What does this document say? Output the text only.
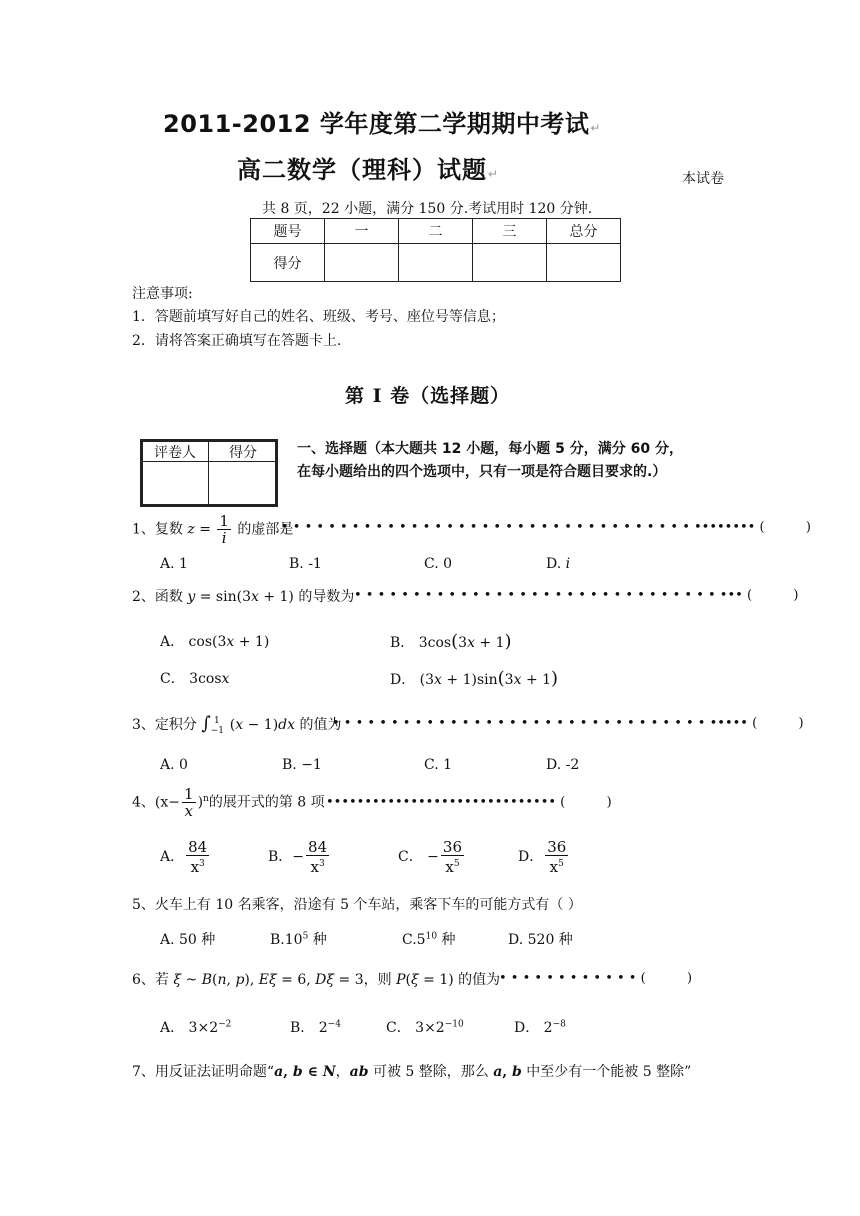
2011-2012 学年度第二学期期中考试↵
高二数学（理科）试题↵	本试卷
共 8 页，22 小题，满分 150 分.考试用时 120 分钟.
题号	一	二	三	总分
得分				
注意事项:
1．答题前填写好自己的姓名、班级、考号、座位号等信息；
2．请将答案正确填写在答题卡上.
第 I 卷（选择题）
评卷人	得分	一、选择题（本大题共 12 小题，每小题 5 分，满分 60 分，在每小题给出的四个选项中，只有一项是符合题目要求的.）
1、复数 $z = \frac{1}{i}$ 的虚部是
• • • • • • • • • • • • • • • • • • • • • • • • • • • • • • • • • • • •••••••• (          )
A. 1	B. -1	C. 0	D. i
2、函数 y = sin(3x + 1) 的导数为 • • • • • • • • • • • • • • • • • • • • • • • • • • • • • • • ••• (          )
A． cos(3x + 1)	B． 3cos(3x + 1)
C． 3cosx	D． (3x + 1)sin(3x + 1)
3、定积分 $\int_{-1}^1$ (x − 1)dx 的值为
• • • • • • • • • • • • • • • • • • • • • • • • • • • • • • • • ••••• (          )
A. 0	B. −1	C. 1	D. -2
4、$(x- \frac{1}{x} )^n$的展开式的第 8 项 •••••••••••••••••••••••••••••• (          )
A． $\frac{84}{x^3}$	B．− $\frac{84}{x^3}$	C． − $\frac{36}{x^5}$	D． $\frac{36}{x^5}$
5、火车上有 10 名乘客，沿途有 5 个车站，乘客下车的可能方式有（ ）
A. 50 种	$B.10^5$ 种	$C.5^{10}$ 种	D. 520 种
6、若 ξ ~ B(n, p), Eξ = 6, Dξ = 3，则 P(ξ = 1) 的值为
• • • • • • • • • • • • (          )
A． $3\times 2^{-2}$	B． $2^{-4}$	C． $3\times 2^{-10}$	D． $2^{-8}$
7、用反证法证明命题“a, b ∈ N，ab 可被 5 整除，那么 a, b 中至少有一个能被 5 整除”
